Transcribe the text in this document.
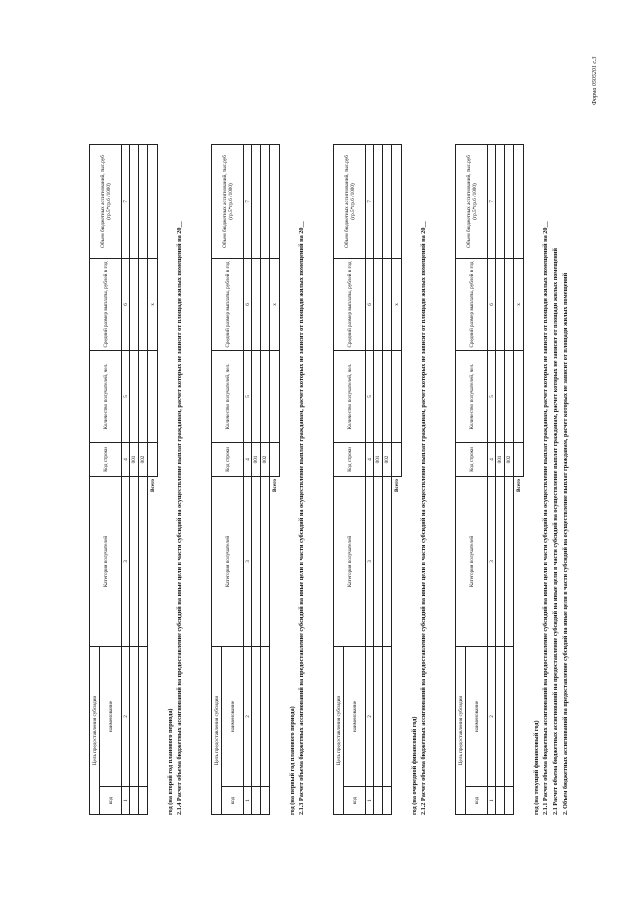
Форма 0505201 с.3
2. Объем бюджетных ассигнований на предоставление субсидий на иные цели в части субсидий на осуществление выплат гражданам, расчет которых не зависит от площади жилых помещений
2.1 Расчет объема бюджетных ассигнований на предоставление субсидий на иные цели в части субсидий на осуществление выплат гражданам, расчет которых не зависит от площади жилых помещений
2.1.1 Расчет объема бюджетных ассигнований на предоставление субсидий на иные цели в части субсидий на осуществление выплат гражданам, расчет которых не зависит от площади жилых помещений на 20__
год (на текущий финансовый год)
Цель предоставления субсидии		Категория получателей	Код строки	Количество получателей, чел.	Средний размер выплаты, рублей в год	Объем бюджетных ассигнований, тыс.руб (гр.5*гр.6 /1000)
код	наименование					
1	2	3	4	5	6	7
			001			
			002			
		Всего			x	
2.1.2 Расчет объема бюджетных ассигнований на предоставление субсидий на иные цели в части субсидий на осуществление выплат гражданам, расчет которых не зависит от площади жилых помещений на 20__
год (на очередной финансовый год)
Цель предоставления субсидии		Категория получателей	Код строки	Количество получателей, чел.	Средний размер выплаты, рублей в год	Объем бюджетных ассигнований, тыс.руб (гр.5*гр.6 /1000)
код	наименование					
1	2	3	4	5	6	7
			001			
			002			
		Всего			x	
2.1.3 Расчет объема бюджетных ассигнований на предоставление субсидий на иные цели в части субсидий на осуществление выплат гражданам, расчет которых не зависит от площади жилых помещений на 20__
год (на первый год планового периода)
Цель предоставления субсидии		Категория получателей	Код строки	Количество получателей, чел.	Средний размер выплаты, рублей в год	Объем бюджетных ассигнований, тыс.руб (гр.5*гр.6 /1000)
код	наименование					
1	2	3	4	5	6	7
			001			
			002			
		Всего			x	
2.1.4 Расчет объема бюджетных ассигнований на предоставление субсидий на иные цели в части субсидий на осуществление выплат гражданам, расчет которых не зависит от площади жилых помещений на 20__
год (на второй год планового периода)
Цель предоставления субсидии		Категория получателей	Код строки	Количество получателей, чел.	Средний размер выплаты, рублей в год	Объем бюджетных ассигнований, тыс.руб (гр.5*гр.6 /1000)
код	наименование					
1	2	3	4	5	6	7
			001			
			002			
		Всего			x	
